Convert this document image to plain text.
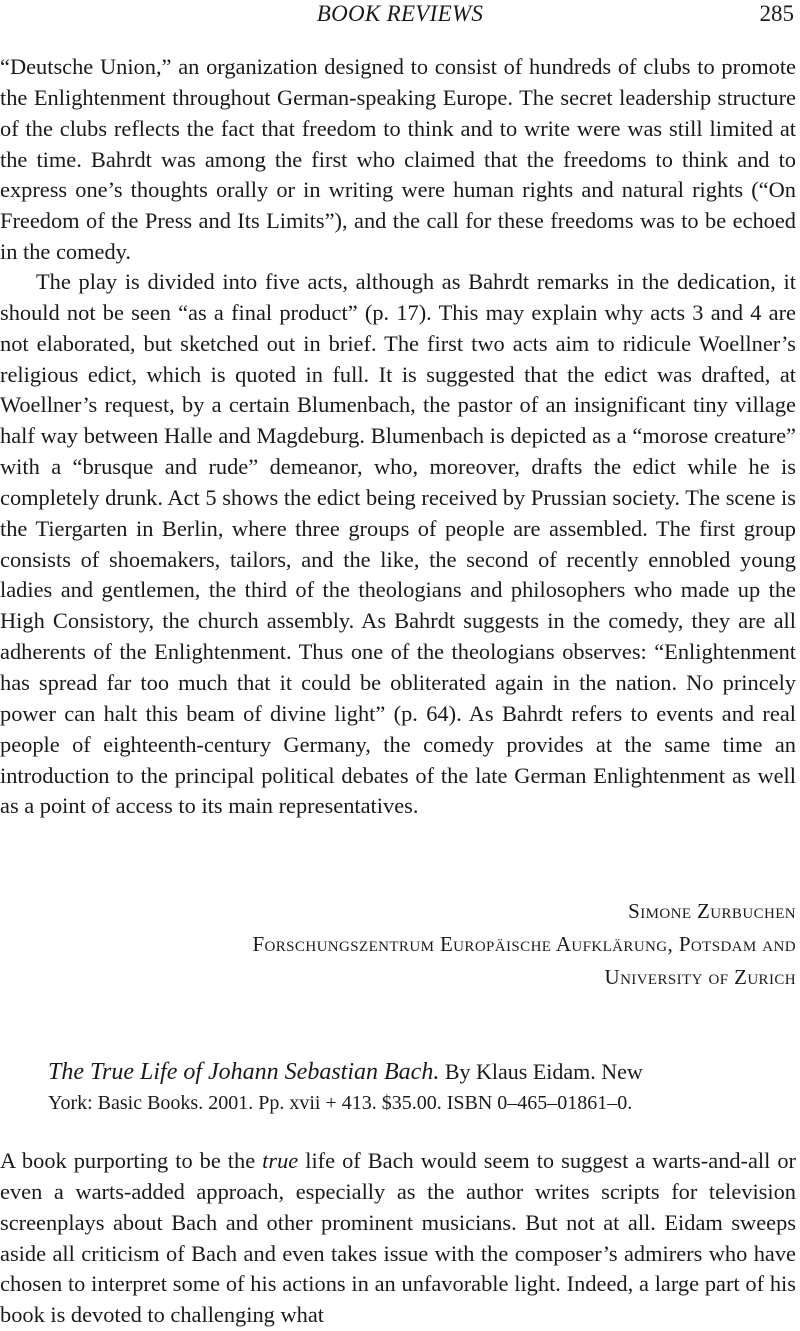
BOOK REVIEWS	285

“Deutsche Union,” an organization designed to consist of hundreds of clubs to promote the Enlightenment throughout German-speaking Europe. The secret leadership structure of the clubs reflects the fact that freedom to think and to write were was still limited at the time. Bahrdt was among the first who claimed that the freedoms to think and to express one’s thoughts orally or in writing were human rights and natural rights (“On Freedom of the Press and Its Limits”), and the call for these freedoms was to be echoed in the comedy.

The play is divided into five acts, although as Bahrdt remarks in the dedication, it should not be seen “as a final product” (p. 17). This may explain why acts 3 and 4 are not elaborated, but sketched out in brief. The first two acts aim to ridicule Woellner’s religious edict, which is quoted in full. It is suggested that the edict was drafted, at Woellner’s request, by a certain Blumenbach, the pastor of an insignificant tiny village half way between Halle and Magdeburg. Blumenbach is depicted as a “morose creature” with a “brusque and rude” demeanor, who, moreover, drafts the edict while he is completely drunk. Act 5 shows the edict being received by Prussian society. The scene is the Tiergarten in Berlin, where three groups of people are assembled. The first group consists of shoemakers, tailors, and the like, the second of recently ennobled young ladies and gentlemen, the third of the theologians and philosophers who made up the High Consistory, the church assembly. As Bahrdt suggests in the comedy, they are all adherents of the Enlightenment. Thus one of the theologians observes: “Enlightenment has spread far too much that it could be obliterated again in the nation. No princely power can halt this beam of divine light” (p. 64). As Bahrdt refers to events and real people of eighteenth-century Germany, the comedy provides at the same time an introduction to the principal political debates of the late German Enlightenment as well as a point of access to its main representatives.

Simone Zurbuchen
Forschungszentrum Europäische Aufklärung, Potsdam and
University of Zurich
The True Life of Johann Sebastian Bach. By Klaus Eidam. New
York: Basic Books. 2001. Pp. xvii + 413. $35.00. ISBN 0–465–01861–0.

A book purporting to be the true life of Bach would seem to suggest a warts-and-all or even a warts-added approach, especially as the author writes scripts for television screenplays about Bach and other prominent musicians. But not at all. Eidam sweeps aside all criticism of Bach and even takes issue with the composer’s admirers who have chosen to interpret some of his actions in an unfavorable light. Indeed, a large part of his book is devoted to challenging what
